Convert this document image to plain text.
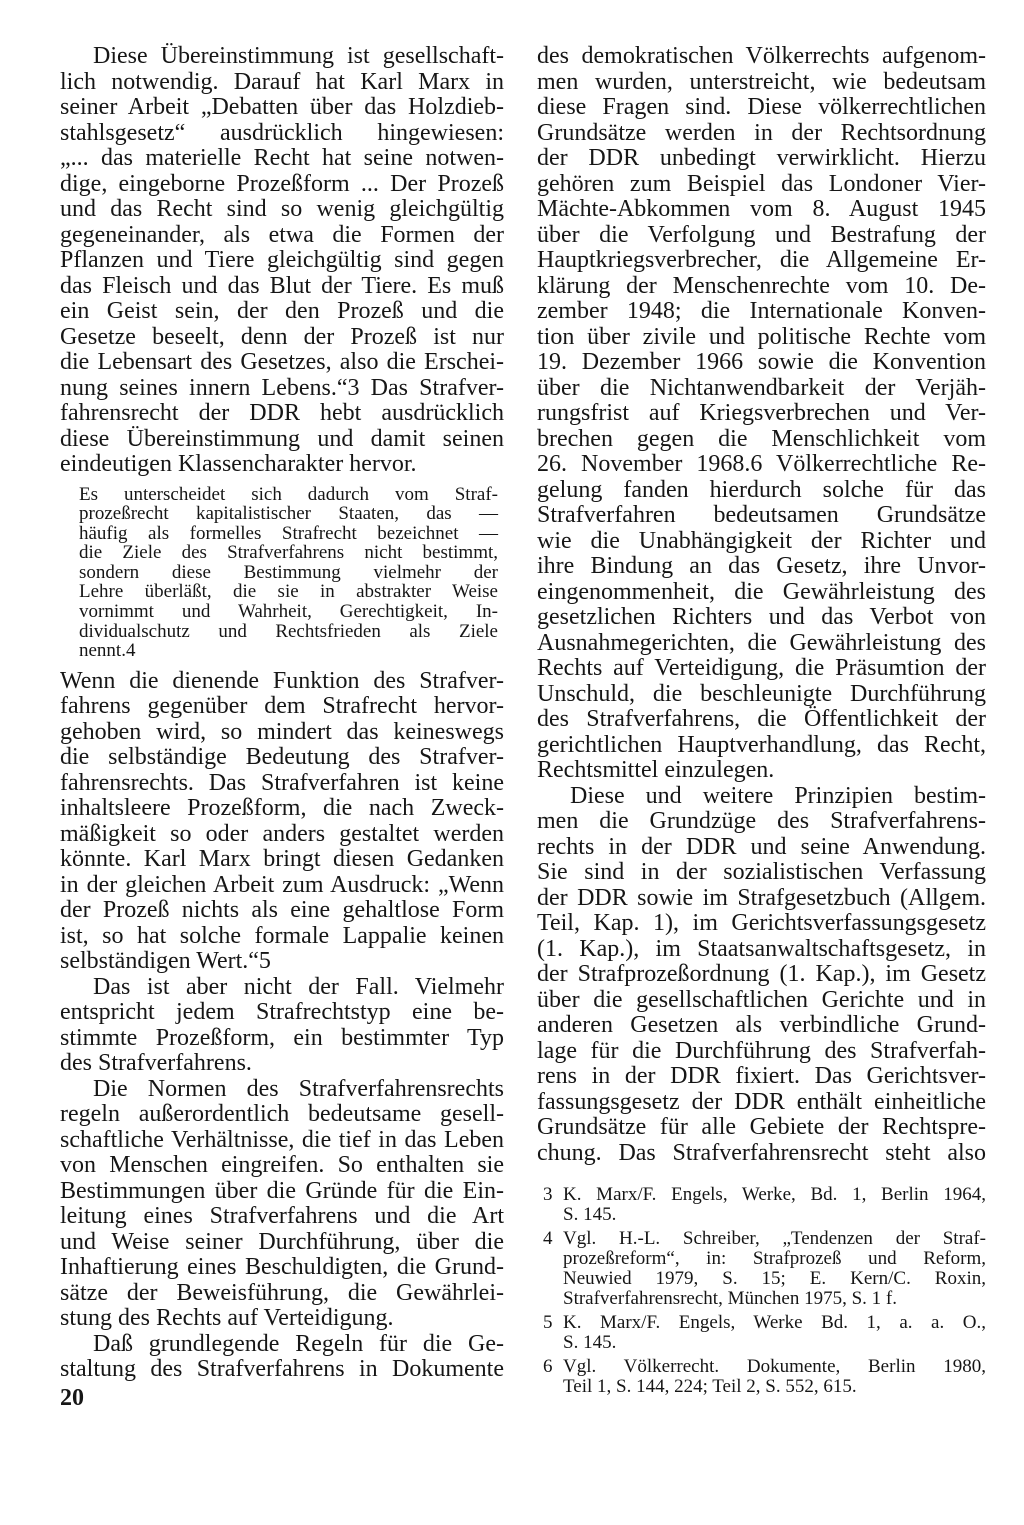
Diese Übereinstimmung ist gesellschaft-
lich notwendig. Darauf hat Karl Marx in
seiner Arbeit „Debatten über das Holzdieb-
stahlsgesetz“ ausdrücklich hingewiesen:
„... das materielle Recht hat seine notwen-
dige, eingeborne Prozeßform ... Der Prozeß
und das Recht sind so wenig gleichgültig
gegeneinander, als etwa die Formen der
Pflanzen und Tiere gleichgültig sind gegen
das Fleisch und das Blut der Tiere. Es muß
ein Geist sein, der den Prozeß und die
Gesetze beseelt, denn der Prozeß ist nur
die Lebensart des Gesetzes, also die Erschei-
nung seines innern Lebens.“3 Das Strafver-
fahrensrecht der DDR hebt ausdrücklich
diese Übereinstimmung und damit seinen
eindeutigen Klassencharakter hervor.
Es unterscheidet sich dadurch vom Straf-
prozeßrecht kapitalistischer Staaten, das —
häufig als formelles Strafrecht bezeichnet —
die Ziele des Strafverfahrens nicht bestimmt,
sondern diese Bestimmung vielmehr der
Lehre überläßt, die sie in abstrakter Weise
vornimmt und Wahrheit, Gerechtigkeit, In-
dividualschutz und Rechtsfrieden als Ziele
nennt.4
Wenn die dienende Funktion des Strafver-
fahrens gegenüber dem Strafrecht hervor-
gehoben wird, so mindert das keineswegs
die selbständige Bedeutung des Strafver-
fahrensrechts. Das Strafverfahren ist keine
inhaltsleere Prozeßform, die nach Zweck-
mäßigkeit so oder anders gestaltet werden
könnte. Karl Marx bringt diesen Gedanken
in der gleichen Arbeit zum Ausdruck: „Wenn
der Prozeß nichts als eine gehaltlose Form
ist, so hat solche formale Lappalie keinen
selbständigen Wert.“5
Das ist aber nicht der Fall. Vielmehr
entspricht jedem Strafrechtstyp eine be-
stimmte Prozeßform, ein bestimmter Typ
des Strafverfahrens.
Die Normen des Strafverfahrensrechts
regeln außerordentlich bedeutsame gesell-
schaftliche Verhältnisse, die tief in das Leben
von Menschen eingreifen. So enthalten sie
Bestimmungen über die Gründe für die Ein-
leitung eines Strafverfahrens und die Art
und Weise seiner Durchführung, über die
Inhaftierung eines Beschuldigten, die Grund-
sätze der Beweisführung, die Gewährlei-
stung des Rechts auf Verteidigung.
Daß grundlegende Regeln für die Ge-
staltung des Strafverfahrens in Dokumente
des demokratischen Völkerrechts aufgenom-
men wurden, unterstreicht, wie bedeutsam
diese Fragen sind. Diese völkerrechtlichen
Grundsätze werden in der Rechtsordnung
der DDR unbedingt verwirklicht. Hierzu
gehören zum Beispiel das Londoner Vier-
Mächte-Abkommen vom 8. August 1945
über die Verfolgung und Bestrafung der
Hauptkriegsverbrecher, die Allgemeine Er-
klärung der Menschenrechte vom 10. De-
zember 1948; die Internationale Konven-
tion über zivile und politische Rechte vom
19. Dezember 1966 sowie die Konvention
über die Nichtanwendbarkeit der Verjäh-
rungsfrist auf Kriegsverbrechen und Ver-
brechen gegen die Menschlichkeit vom
26. November 1968.6 Völkerrechtliche Re-
gelung fanden hierdurch solche für das
Strafverfahren bedeutsamen Grundsätze
wie die Unabhängigkeit der Richter und
ihre Bindung an das Gesetz, ihre Unvor-
eingenommenheit, die Gewährleistung des
gesetzlichen Richters und das Verbot von
Ausnahmegerichten, die Gewährleistung des
Rechts auf Verteidigung, die Präsumtion der
Unschuld, die beschleunigte Durchführung
des Strafverfahrens, die Öffentlichkeit der
gerichtlichen Hauptverhandlung, das Recht,
Rechtsmittel einzulegen.
Diese und weitere Prinzipien bestim-
men die Grundzüge des Strafverfahrens-
rechts in der DDR und seine Anwendung.
Sie sind in der sozialistischen Verfassung
der DDR sowie im Strafgesetzbuch (Allgem.
Teil, Kap. 1), im Gerichtsverfassungsgesetz
(1. Kap.), im Staatsanwaltschaftsgesetz, in
der Strafprozeßordnung (1. Kap.), im Gesetz
über die gesellschaftlichen Gerichte und in
anderen Gesetzen als verbindliche Grund-
lage für die Durchführung des Strafverfah-
rens in der DDR fixiert. Das Gerichtsver-
fassungsgesetz der DDR enthält einheitliche
Grundsätze für alle Gebiete der Rechtspre-
chung. Das Strafverfahrensrecht steht also
3 K. Marx/F. Engels, Werke, Bd. 1, Berlin 1964,
S. 145.
4 Vgl. H.-L. Schreiber, „Tendenzen der Straf-
prozeßreform“, in: Strafprozeß und Reform,
Neuwied 1979, S. 15; E. Kern/C. Roxin,
Strafverfahrensrecht, München 1975, S. 1 f.
5 K. Marx/F. Engels, Werke Bd. 1, a. a. O.,
S. 145.
6 Vgl. Völkerrecht. Dokumente, Berlin 1980,
Teil 1, S. 144, 224; Teil 2, S. 552, 615.
20
